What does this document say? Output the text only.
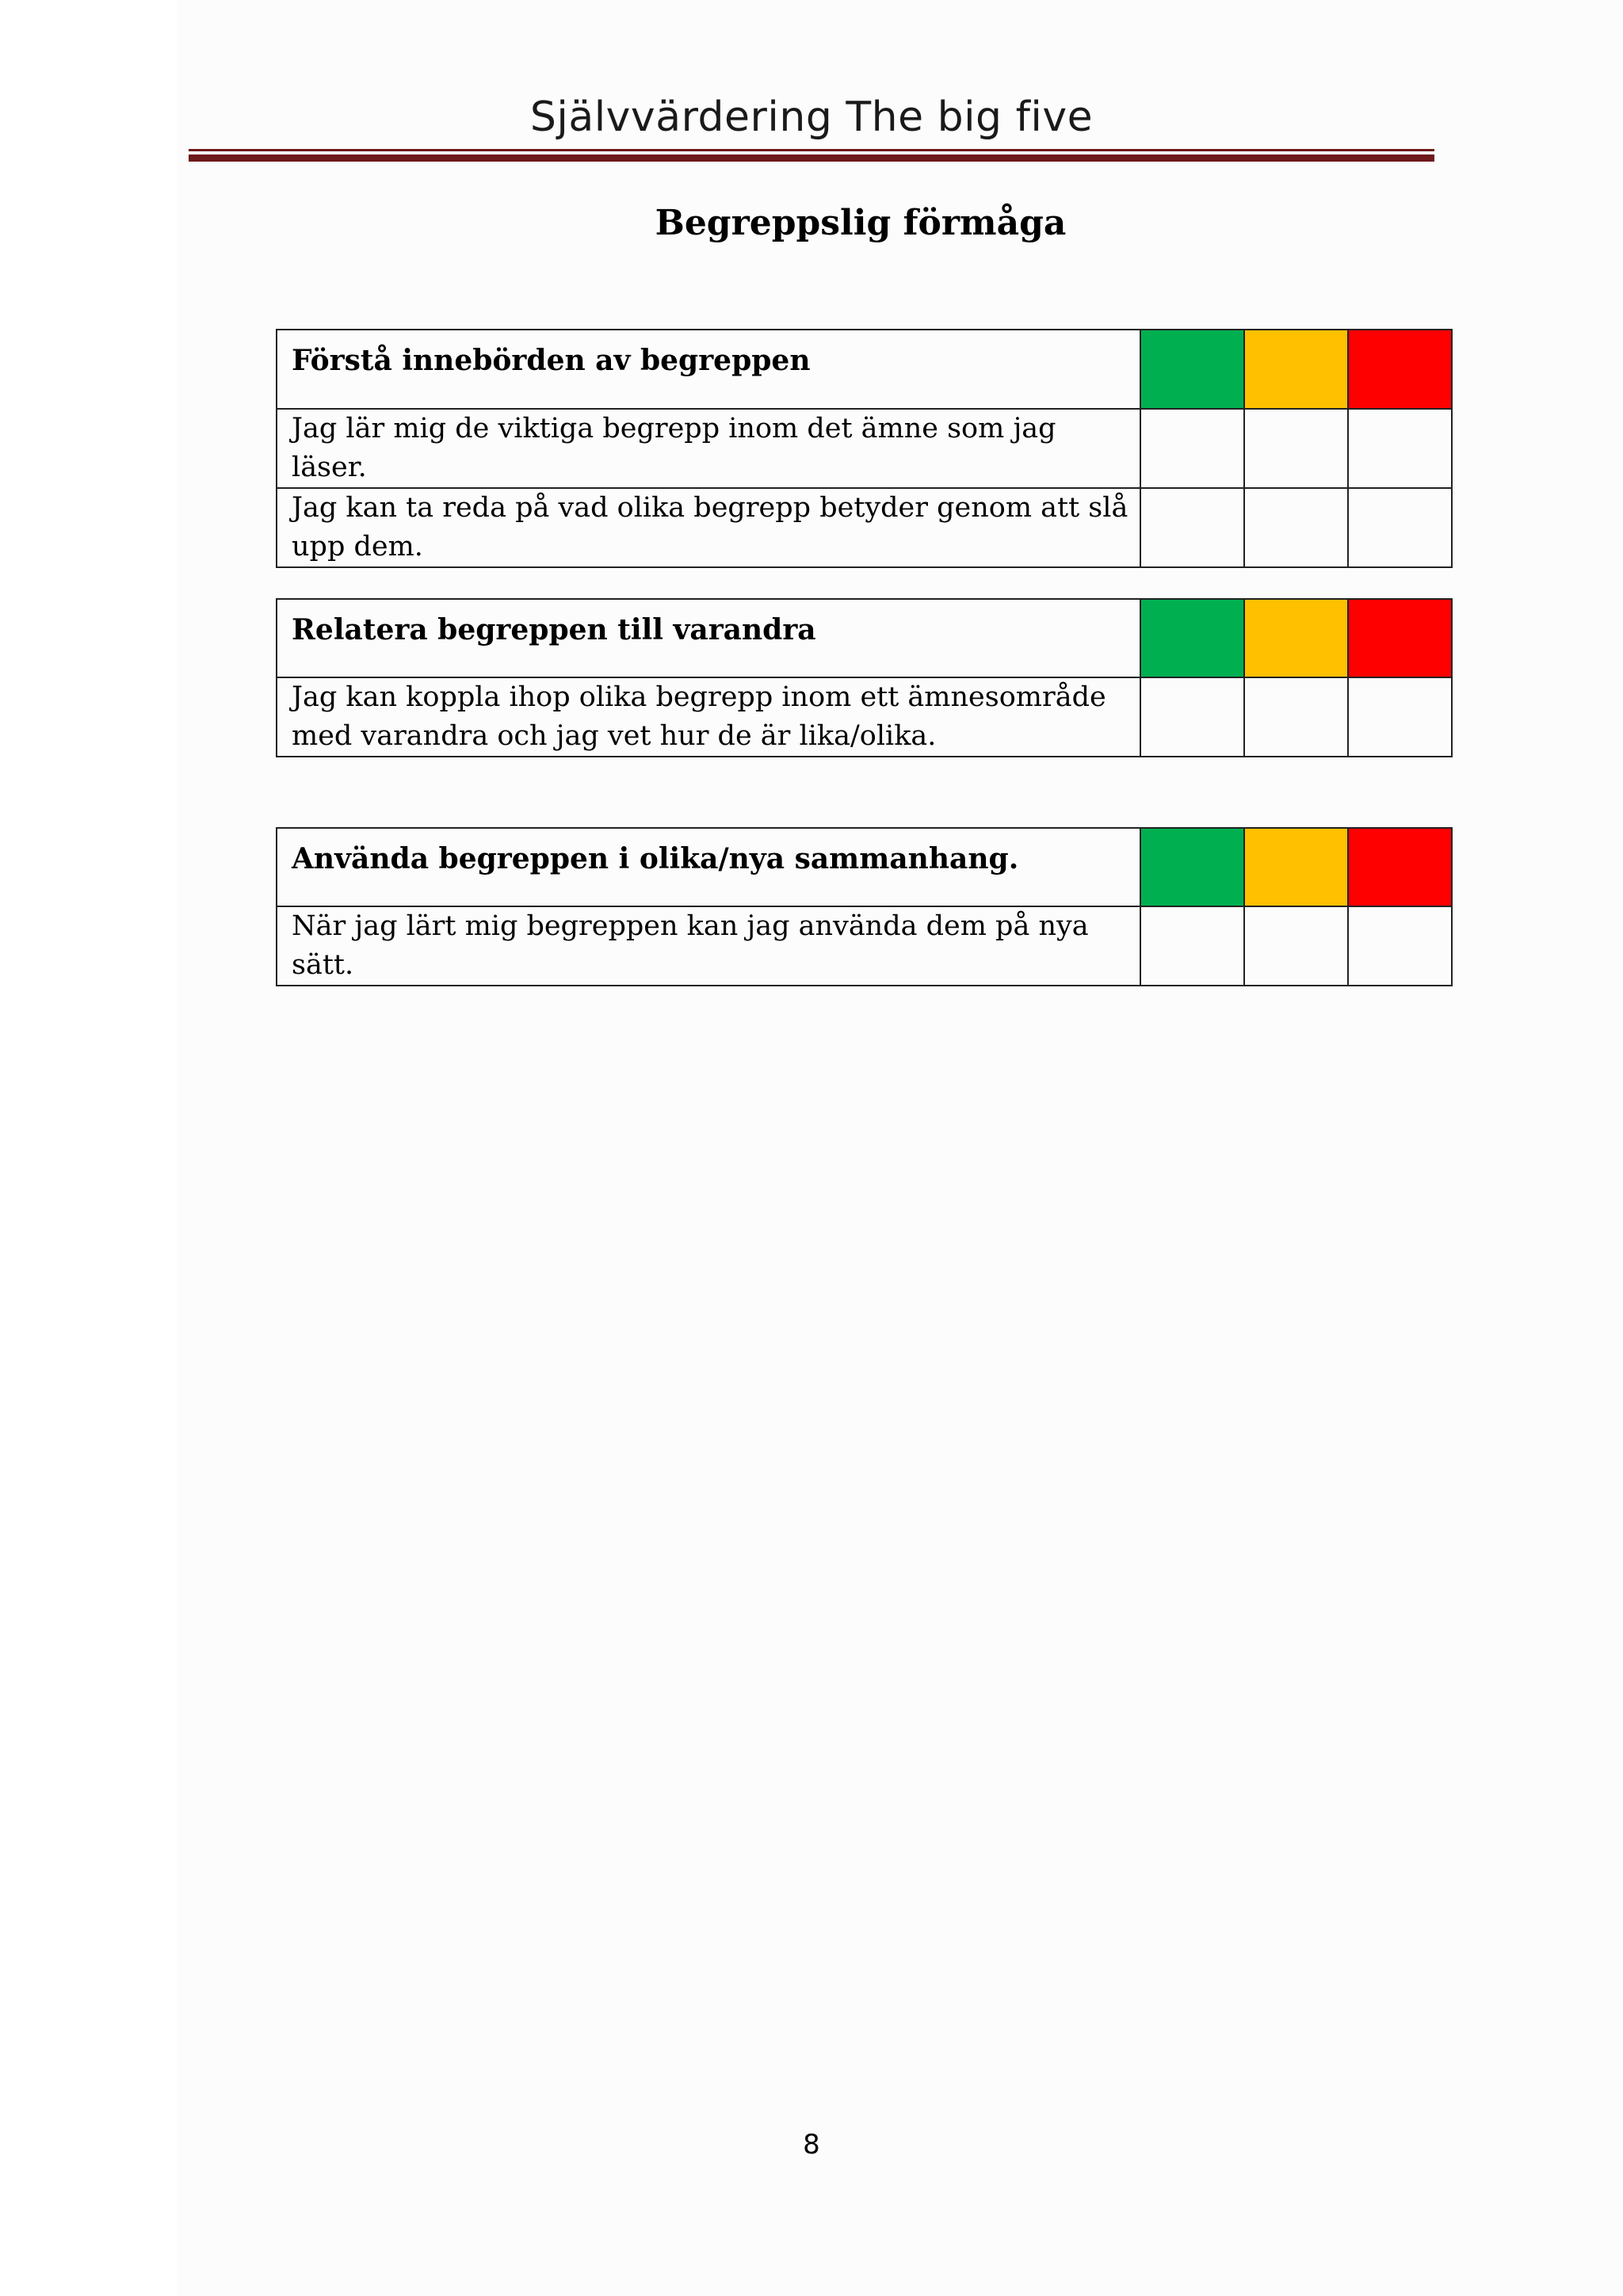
Självvärdering The big five
Begreppslig förmåga
Förstå innebörden av begreppen			
Jag lär mig de viktiga begrepp inom det ämne som jag läser.			
Jag kan ta reda på vad olika begrepp betyder genom att slå upp dem.			
Relatera begreppen till varandra			
Jag kan koppla ihop olika begrepp inom ett ämnesområde med varandra och jag vet hur de är lika/olika.			
Använda begreppen i olika/nya sammanhang.			
När jag lärt mig begreppen kan jag använda dem på nya sätt.			
8
